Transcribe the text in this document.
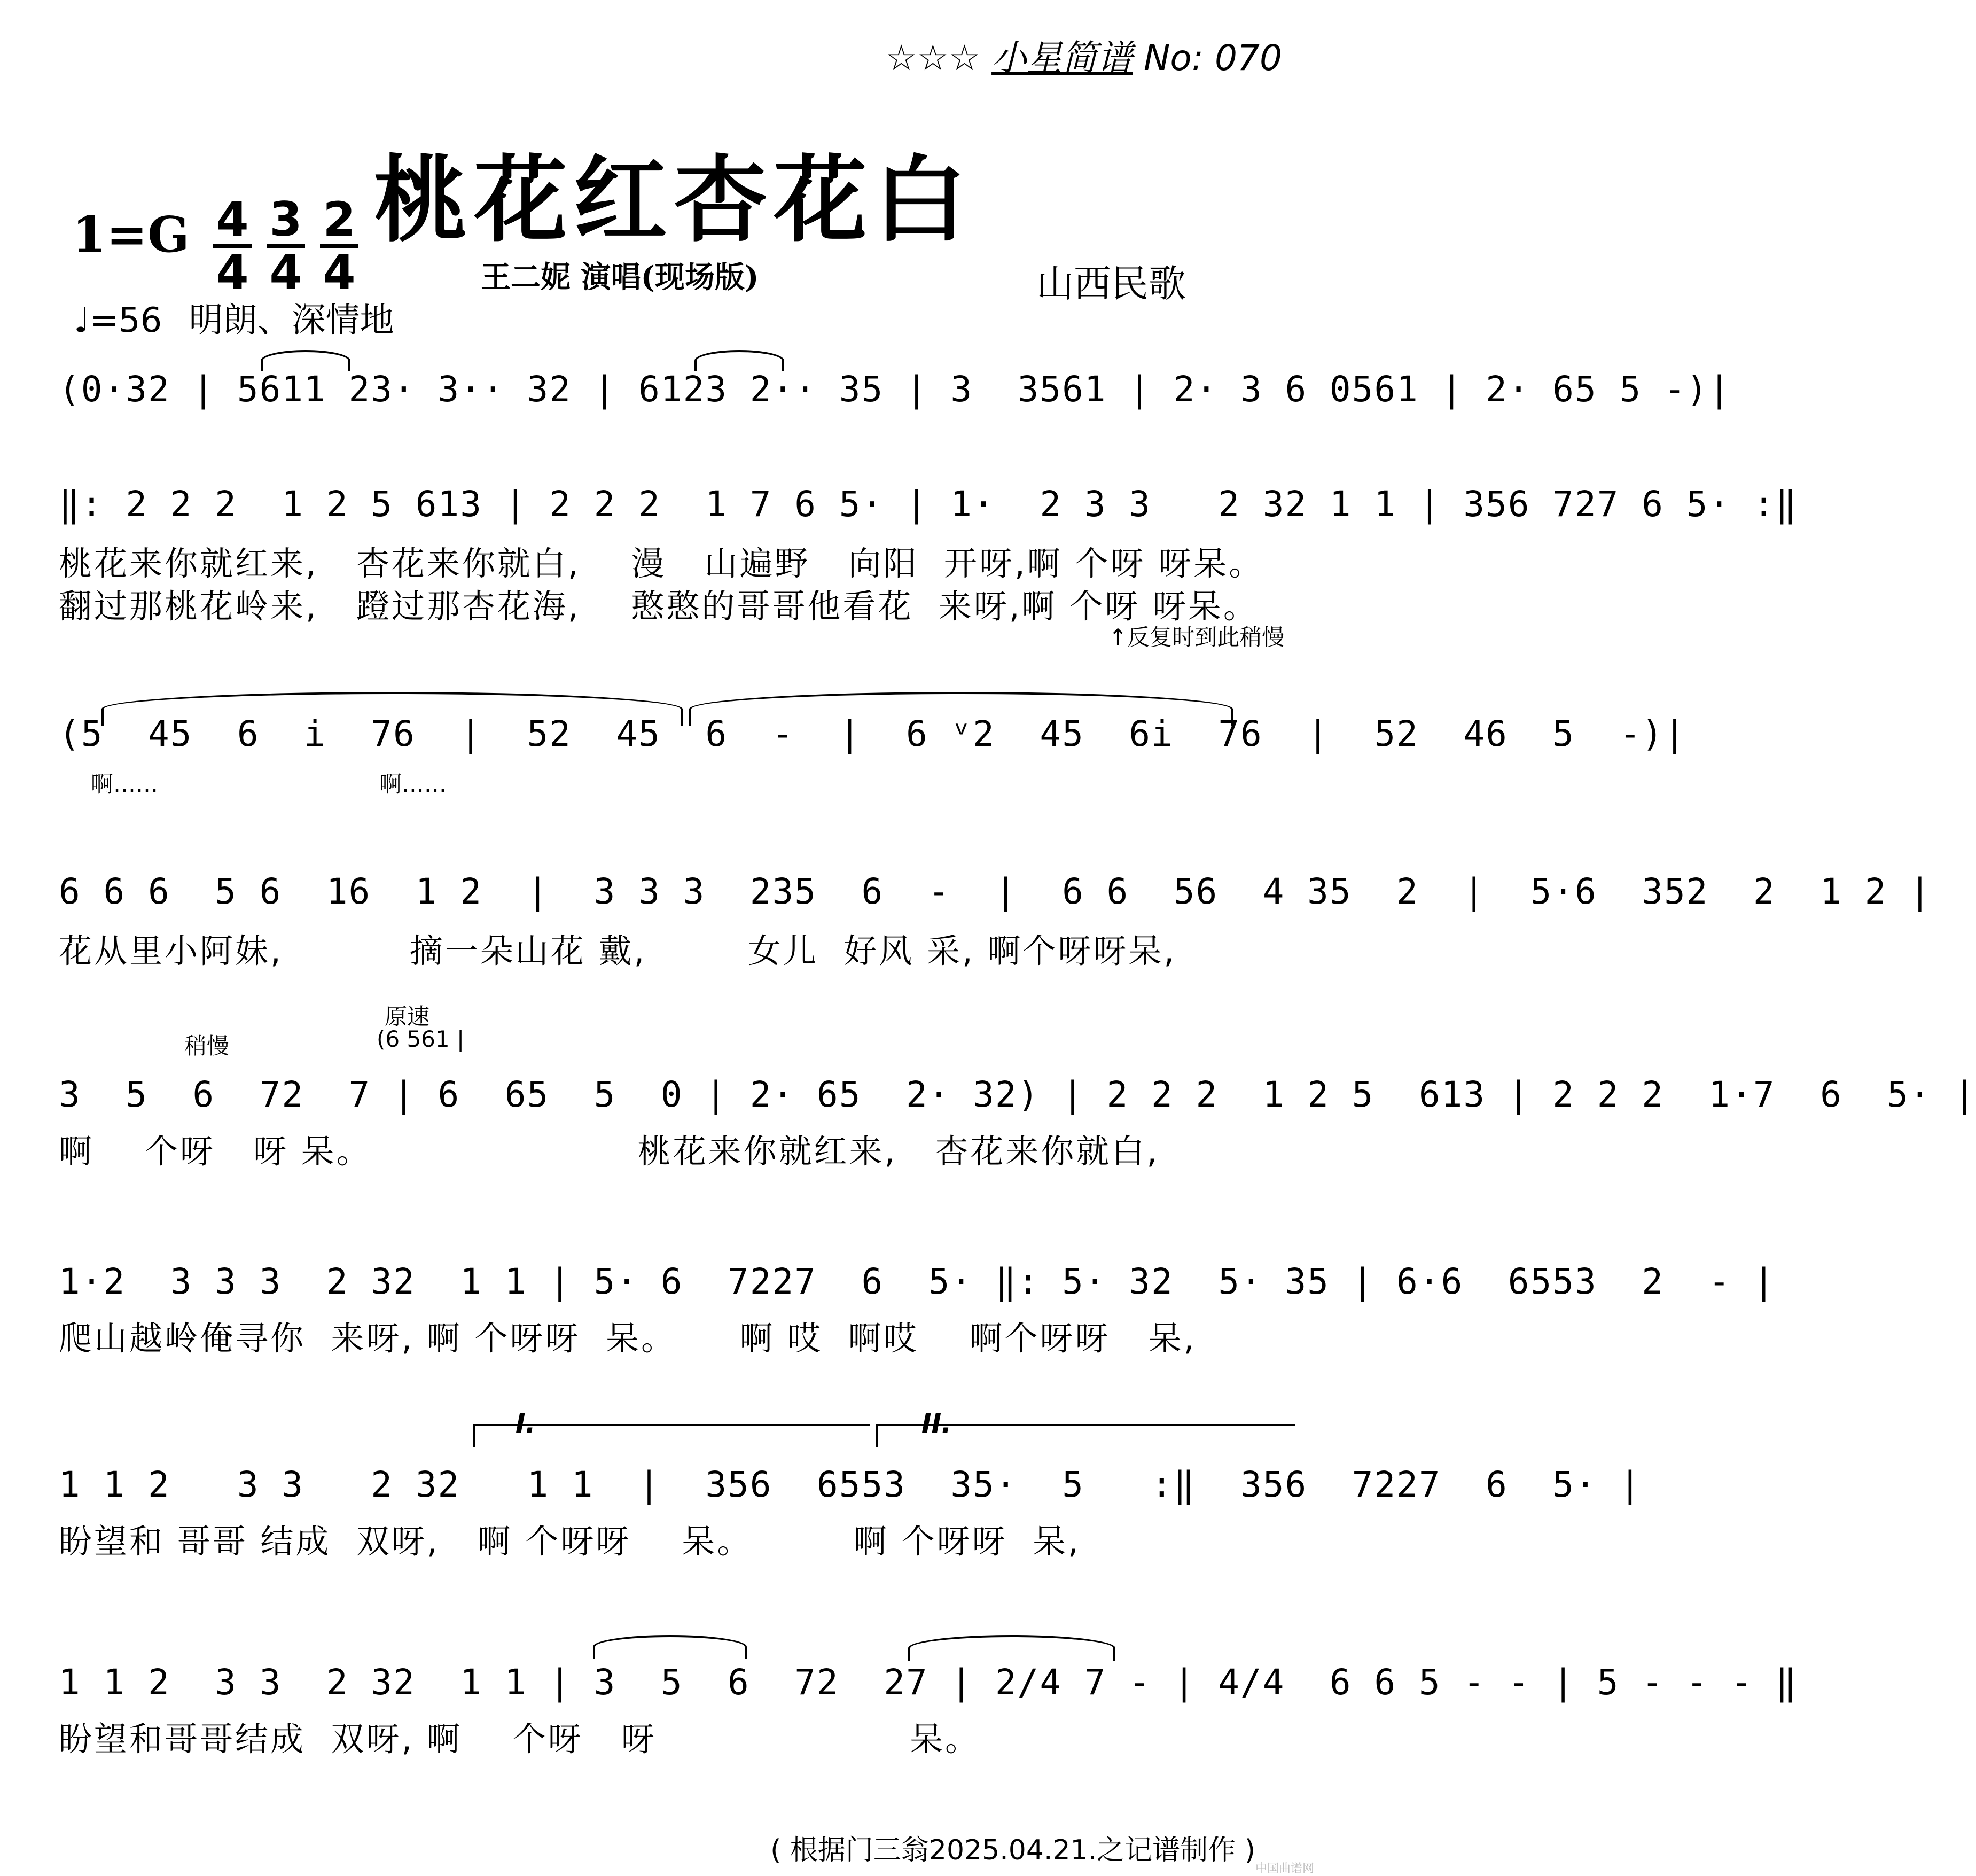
☆☆☆ 小星简谱 No: 070
桃花红杏花白
1=G 4
4
3
4
2
4
♩=56 明朗、深情地
王二妮 演唱(现场版)	山西民歌
(0·32 | 5611 23· 3·· 32 | 6123 2·· 35 | 3  3561 | 2· 3 6 0561 | 2· 65 5 -)|
‖: 2 2 2  1 2 5 613 | 2 2 2  1 7 6 5· | 1·  2 3 3   2 32 1 1 | 356 727 6 5· :‖
桃花来你就红来,   杏花来你就白,    漫   山遍野   向阳  开呀,啊 个呀 呀呆。
翻过那桃花岭来,   蹬过那杏花海,    憨憨的哥哥他看花  来呀,啊 个呀 呀呆。
↑反复时到此稍慢
(5  45  6  i  76  |  52  45  6  -  |  6 ᵛ2  45  6i  76  |  52  46  5  -)|
啊……                               啊……
6 6 6  5 6  16  1 2  |  3 3 3  235  6  -  |  6 6  56  4 35  2  |  5·6  352  2  1 2 |
花从里小阿妹,          摘一朵山花 戴,        女儿  好风 采, 啊个呀呀呆,
稍慢
原速
(6 561 |
3  5  6  72  7 | 6  65  5  0 | 2· 65  2· 32) | 2 2 2  1 2 5  613 | 2 2 2  1·7  6  5· |
啊    个呀   呀 呆。                     桃花来你就红来,   杏花来你就白,
1·2  3 3 3  2 32  1 1 | 5· 6  7227  6  5· ‖: 5· 32  5· 35 | 6·6  6553  2  - |
爬山越岭俺寻你  来呀, 啊 个呀呀  呆。     啊 哎  啊哎    啊个呀呀   呆,
I.	II.
1 1 2   3 3   2 32   1 1  |  356  6553  35·  5   :‖  356  7227  6  5· |
盼望和 哥哥 结成  双呀,   啊 个呀呀    呆。        啊 个呀呀  呆,
1 1 2  3 3  2 32  1 1 | 3  5  6  72  27 | 2/4 7 - | 4/4  6 6 5 - - | 5 - - - ‖
盼望和哥哥结成  双呀, 啊    个呀   呀                    呆。
( 根据门三翁2025.04.21.之记谱制作 )
中国曲谱网
